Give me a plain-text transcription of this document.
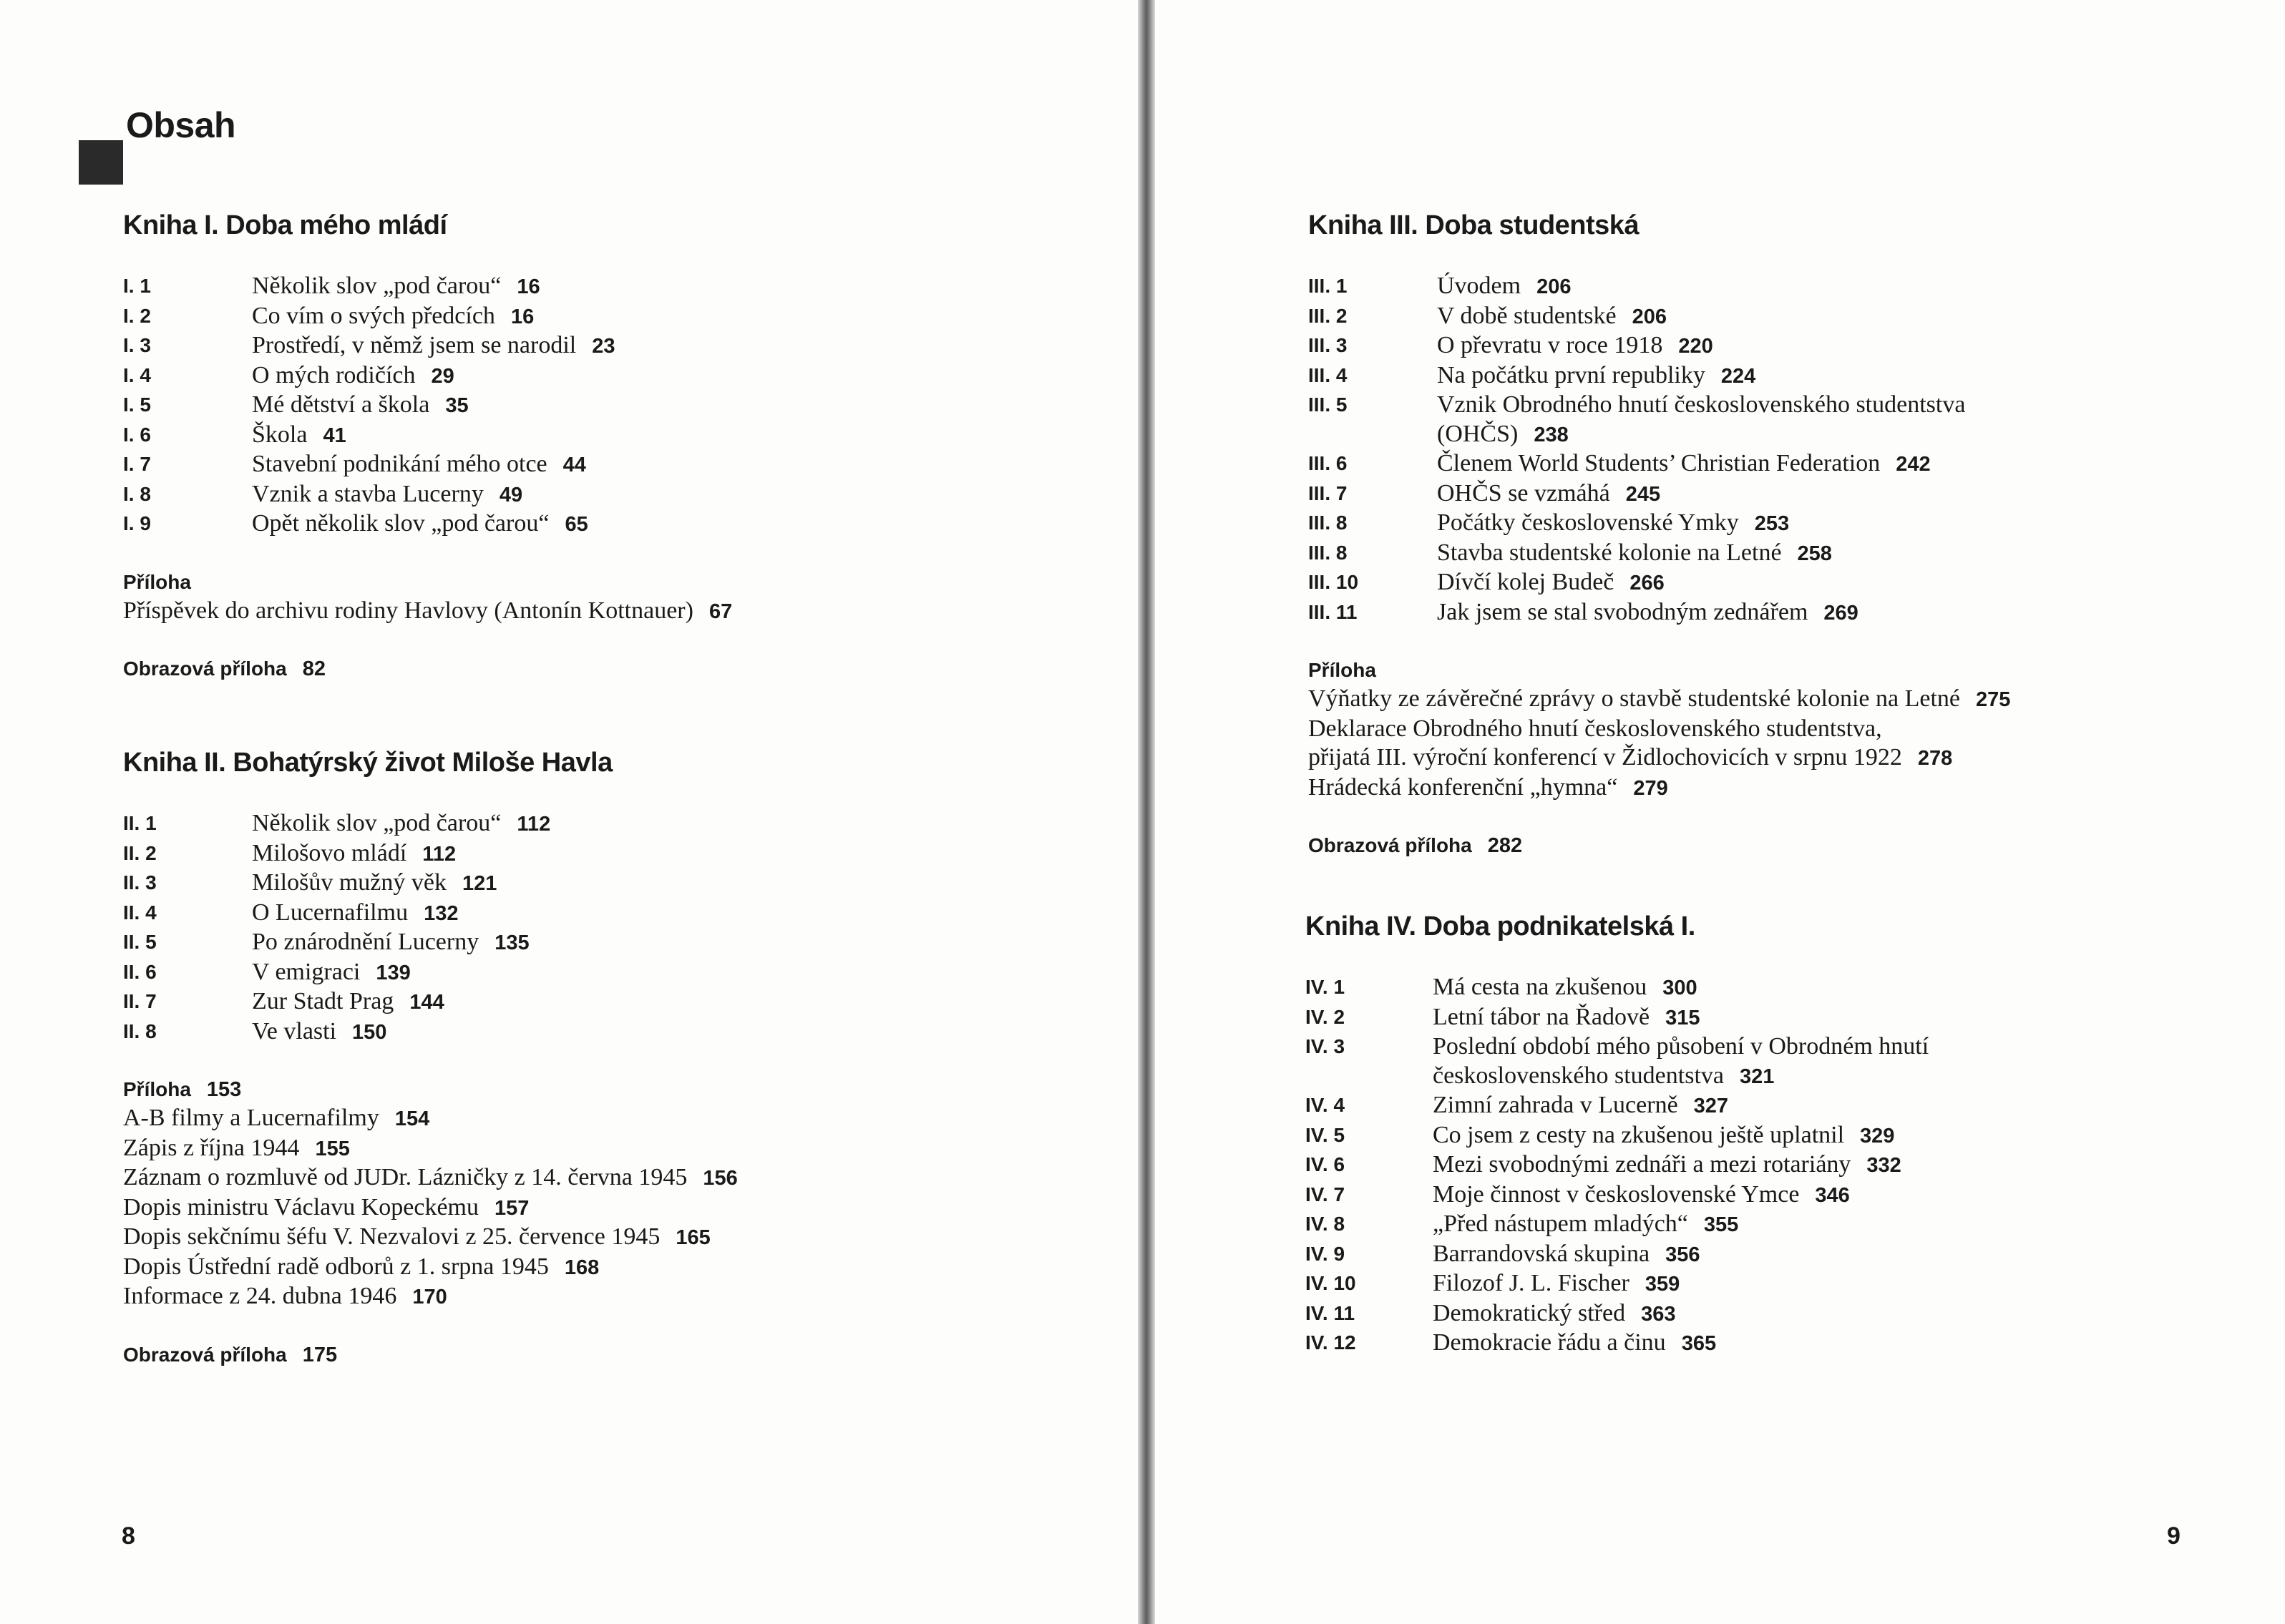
Obsah
Kniha I. Doba mého mládí
I. 1	Několik slov „pod čarou“ 16
I. 2	Co vím o svých předcích 16
I. 3	Prostředí, v němž jsem se narodil 23
I. 4	O mých rodičích 29
I. 5	Mé dětství a škola 35
I. 6	Škola 41
I. 7	Stavební podnikání mého otce 44
I. 8	Vznik a stavba Lucerny 49
I. 9	Opět několik slov „pod čarou“ 65
Příloha
Příspěvek do archivu rodiny Havlovy (Antonín Kottnauer) 67
Obrazová příloha 82
Kniha II. Bohatýrský život Miloše Havla
II. 1	Několik slov „pod čarou“ 112
II. 2	Milošovo mládí 112
II. 3	Milošův mužný věk 121
II. 4	O Lucernafilmu 132
II. 5	Po znárodnění Lucerny 135
II. 6	V emigraci 139
II. 7	Zur Stadt Prag 144
II. 8	Ve vlasti 150
Příloha 153
A-B filmy a Lucernafilmy 154
Zápis z října 1944 155
Záznam o rozmluvě od JUDr. Lázničky z 14. června 1945 156
Dopis ministru Václavu Kopeckému 157
Dopis sekčnímu šéfu V. Nezvalovi z 25. července 1945 165
Dopis Ústřední radě odborů z 1. srpna 1945 168
Informace z 24. dubna 1946 170
Obrazová příloha 175
8
Kniha III. Doba studentská
III. 1	Úvodem 206
III. 2	V době studentské 206
III. 3	O převratu v roce 1918 220
III. 4	Na počátku první republiky 224
III. 5	Vznik Obrodného hnutí československého studentstva
(OHČS) 238
III. 6	Členem World Students’ Christian Federation 242
III. 7	OHČS se vzmáhá 245
III. 8	Počátky československé Ymky 253
III. 8	Stavba studentské kolonie na Letné 258
III. 10	Dívčí kolej Budeč 266
III. 11	Jak jsem se stal svobodným zednářem 269
Příloha
Výňatky ze závěrečné zprávy o stavbě studentské kolonie na Letné 275
Deklarace Obrodného hnutí československého studentstva,
přijatá III. výroční konferencí v Židlochovicích v srpnu 1922 278
Hrádecká konferenční „hymna“ 279
Obrazová příloha 282
Kniha IV. Doba podnikatelská I.
IV. 1	Má cesta na zkušenou 300
IV. 2	Letní tábor na Řadově 315
IV. 3	Poslední období mého působení v Obrodném hnutí
československého studentstva 321
IV. 4	Zimní zahrada v Lucerně 327
IV. 5	Co jsem z cesty na zkušenou ještě uplatnil 329
IV. 6	Mezi svobodnými zednáři a mezi rotariány 332
IV. 7	Moje činnost v československé Ymce 346
IV. 8	„Před nástupem mladých“ 355
IV. 9	Barrandovská skupina 356
IV. 10	Filozof J. L. Fischer 359
IV. 11	Demokratický střed 363
IV. 12	Demokracie řádu a činu 365
9
